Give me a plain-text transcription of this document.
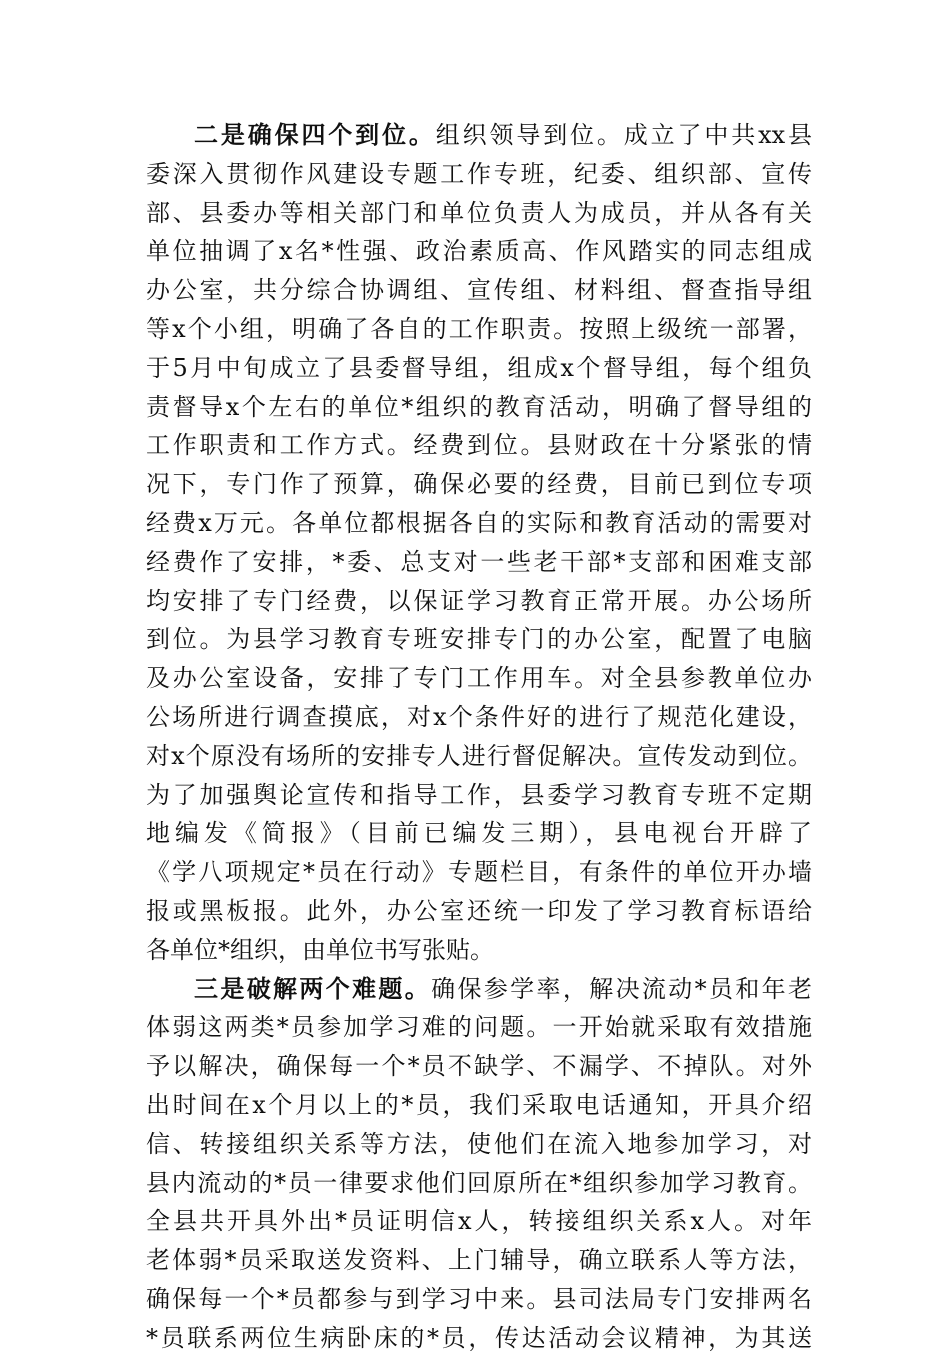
二是确保四个到位。组织领导到位。成立了中共xx县
委深入贯彻作风建设专题工作专班，纪委、组织部、宣传
部、县委办等相关部门和单位负责人为成员，并从各有关
单位抽调了x名*性强、政治素质高、作风踏实的同志组成
办公室，共分综合协调组、宣传组、材料组、督查指导组
等x个小组，明确了各自的工作职责。按照上级统一部署，
于5月中旬成立了县委督导组，组成x个督导组，每个组负
责督导x个左右的单位*组织的教育活动，明确了督导组的
工作职责和工作方式。经费到位。县财政在十分紧张的情
况下，专门作了预算，确保必要的经费，目前已到位专项
经费x万元。各单位都根据各自的实际和教育活动的需要对
经费作了安排，*委、总支对一些老干部*支部和困难支部
均安排了专门经费，以保证学习教育正常开展。办公场所
到位。为县学习教育专班安排专门的办公室，配置了电脑
及办公室设备，安排了专门工作用车。对全县参教单位办
公场所进行调查摸底，对x个条件好的进行了规范化建设，
对x个原没有场所的安排专人进行督促解决。宣传发动到位。
为了加强舆论宣传和指导工作，县委学习教育专班不定期
地编发《简报》（目前已编发三期），县电视台开辟了
《学八项规定*员在行动》专题栏目，有条件的单位开办墙
报或黑板报。此外，办公室还统一印发了学习教育标语给
各单位*组织，由单位书写张贴。
三是破解两个难题。确保参学率，解决流动*员和年老
体弱这两类*员参加学习难的问题。一开始就采取有效措施
予以解决，确保每一个*员不缺学、不漏学、不掉队。对外
出时间在x个月以上的*员，我们采取电话通知，开具介绍
信、转接组织关系等方法，使他们在流入地参加学习，对
县内流动的*员一律要求他们回原所在*组织参加学习教育。
全县共开具外出*员证明信x人，转接组织关系x人。对年
老体弱*员采取送发资料、上门辅导，确立联系人等方法，
确保每一个*员都参与到学习中来。县司法局专门安排两名
*员联系两位生病卧床的*员，传达活动会议精神，为其送
